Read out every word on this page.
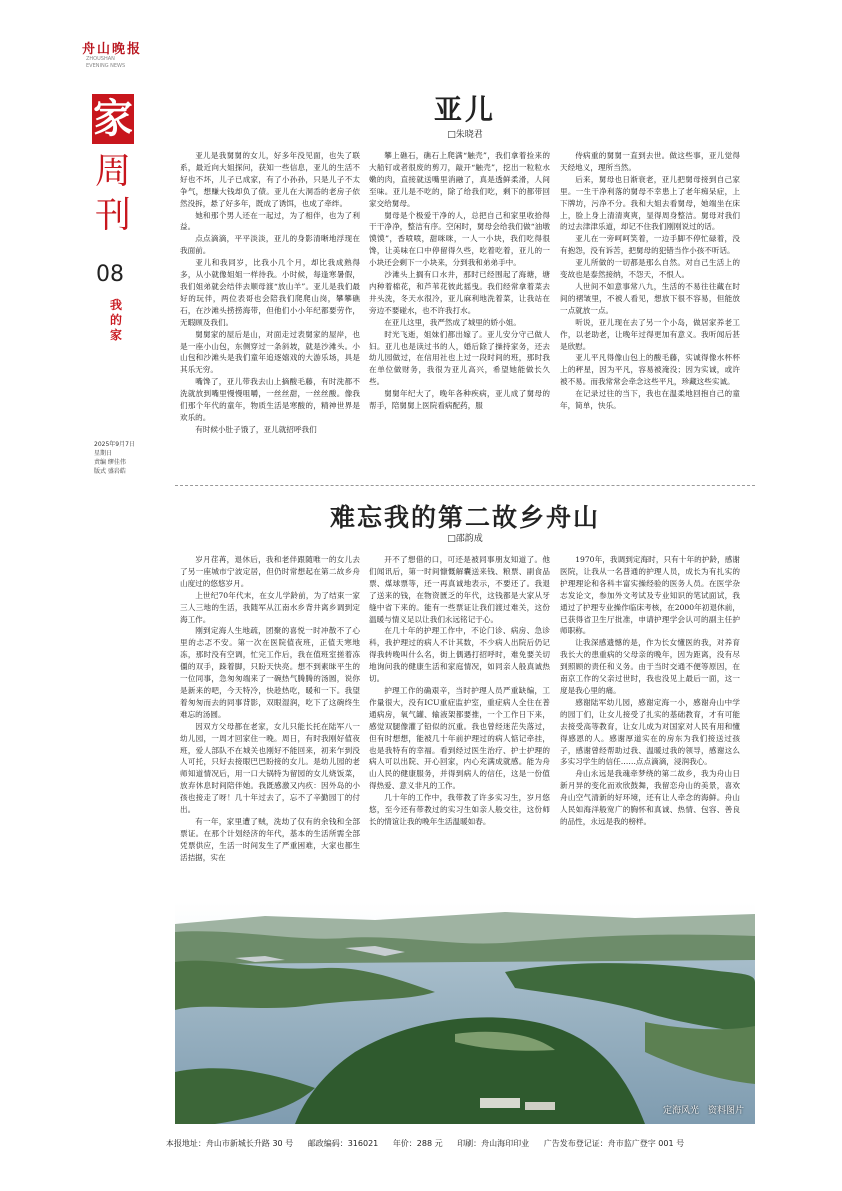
舟山晚报
ZHOUSHAN
EVENING NEWS
家
周
刊
08
我的家
2025年9月7日
星期日
责编 缪佳伟
版式 盛岩皓
亚儿
□朱晓君

亚儿是我舅舅的女儿，好多年没见面，也失了联系，最近向大姐探问，获知一些信息，亚儿的生活不好也不坏，儿子已成家，有了小孙孙，只是儿子不太争气，想赚大钱却负了债。亚儿在大洞岙的老房子依然没拆，悬了好多年，既成了诱饵，也成了牵绊。

她和那个男人还在一起过，为了相伴，也为了利益。

点点滴滴，平平淡淡，亚儿的身影清晰地浮现在我面前。

亚儿和我同岁，比我小几个月，却比我成熟得多，从小就像姐姐一样待我。小时候，每逢寒暑假，我们姐弟就会结伴去顺母渡“放山羊”。亚儿是我们最好的玩伴，两位表哥也会陪我们爬爬山岗，攀攀礁石，在沙滩头捞捞海带，但他们小小年纪都要劳作，无暇顾及我们。

舅舅家的屋后是山，对面走过表舅家的屋岸，也是一座小山包，东侧穿过一条斜坡，就是沙滩头。小山包和沙滩头是我们童年追逐嬉戏的大游乐场，具是其乐无穷。

嘴馋了，亚儿带我去山上摘酸毛藤，有时洗都不洗就放到嘴里慢慢咀嚼，一丝丝甜，一丝丝酸。像我们那个年代的童年，物质生活是寒酸的，精神世界是欢乐的。

有时候小肚子饿了，亚儿就招呼我们

攀上礁石，礁石上爬满“触壳”，我们拿着捡来的大船钉或者很废的剪刀，敲开“触壳”，挖出一粒粒水嫩的肉，直接就送嘴里消融了，真是透鲜柔滑，人间至味。亚儿是不吃的，除了给我们吃，剩下的都带回家交给舅母。

舅母是个极爱干净的人，总把自己和家里收拾得干干净净，整洁有序。空闲时，舅母会给我们做“油墩馍馍”，香喷喷，甜咪咪，一人一小块，我们吃得很馋，让美味在口中停留得久些，吃着吃着，亚儿的一小块还会剩下一小块来，分到我和弟弟手中。

沙滩头上搁有口水井，那时已经围起了海塘，塘内种着棉花，和芦苇花彼此摇曳。我们经常拿着菜去井头洗，冬天水很冷，亚儿麻利地洗着菜，让我站在旁边不要碰水，也不许我打水。

在亚儿这里，我严然成了城里的娇小姐。

时光飞逝，姐妹们都出嫁了。亚儿安分守己做人妇。亚儿也是读过书的人，婚后除了操持家务，还去幼儿园做过，在信用社也上过一段时间的班，那时我在单位做财务，我很为亚儿高兴，希望她能做长久些。

舅舅年纪大了，晚年各种疾病，亚儿成了舅母的帮手，陪舅舅上医院看病配药，服

侍病重的舅舅一直到去世。做这些事，亚儿觉得天经地义，理所当然。

后来，舅母也日渐衰老，亚儿把舅母接到自己家里。一生干净利落的舅母不幸患上了老年痴呆症，上下牌坊，污净不分。我和大姐去看舅母，她端坐在床上，脸上身上清清爽爽，显得周身整洁。舅母对我们的过去津津乐道，却记不住我们刚刚说过的话。

亚儿在一旁呵呵笑着，一边手脚不停忙碌着，没有抱怨，没有诉苦，把舅母的犯错当作小孩不听话。

亚儿所做的一切都是那么自然。对自己生活上的变故也是泰然接纳，不怨天，不恨人。

人世间不如意事常八九，生活的不易往往藏在时间的褶皱里，不被人看见，想放下很不容易，但能放一点就放一点。

听说，亚儿现在去了另一个小岛，做居家养老工作，以老助老，让晚年过得更加有意义。我听闻后甚是欣慰。

亚儿平凡得像山包上的酸毛藤，实诚得像水杯杯上的秤星，因为平凡，容易被淹没；因为实诚，或许被不易。而我常常会牵念这些平凡，珍藏这些实诚。

在记录过往的当下，我也在温柔地回抱自己的童年，简单，快乐。

难忘我的第二故乡舟山
□邵韵成

岁月荏苒，退休后，我和老伴跟随唯一的女儿去了另一座城市宁波定居，但仍时常想起在第二故乡舟山度过的悠悠岁月。

上世纪70年代末，在女儿学龄前，为了结束一家三人三地的生活，我随军从江南水乡背井离乡调到定海工作。

刚到定海人生地疏，团聚的喜悦一时冲散不了心里的忐忑不安。第一次在医院值夜班，正值天寒地冻，那时没有空调，忙完工作后，我在值班室搓着冻僵的双手，跺着脚，只盼天快亮。想不到素昧平生的一位同事，急匆匆端来了一碗热气腾腾的汤圆，说你是新来的吧，今天特冷，快趁热吃，暖和一下。我望着匆匆而去的同事背影，双眼湿润，吃下了这碗终生难忘的汤圆。

因双方父母都在老家，女儿只能长托在陆军八一幼儿园，一周才回家住一晚。周日，有时我刚好值夜班，爱人部队不在城关也刚好不能回来，初来乍到没人可托，只好去接眼巴巴盼接的女儿。是幼儿园的老师知道情况后，用一口大锅特为留园的女儿烧饭菜，放弃休息时间陪伴她。我既感激又内疚：因外岛的小孩也接走了呀！几十年过去了，忘不了辛勤园丁的付出。

有一年，家里遭了贼，洗劫了仅有的余钱和全部票证。在那个计划经济的年代，基本的生活所需全部凭票供应，生活一时间发生了严重困难，大家也都生活拮据，实在

开不了想借的口，可还是被同事朋友知道了。他们闻讯后，第一时间慷慨解囊送来钱、粮票、副食品票、煤球票等，还一再真诚地表示，不要还了。我退了送来的钱，在物资匮乏的年代，这钱都是大家从牙缝中省下来的。能有一些票证让我们渡过难关，这份温暖与情义足以让我们永远铭记于心。

在几十年的护理工作中，不论门诊、病房、急诊科，我护理过的病人不计其数，不少病人出院后仍记得我转晚叫什么名，街上偶遇打招呼时，难免要关切地询问我的健康生活和家庭情况，如同亲人般真诚热切。

护理工作的确艰辛，当时护理人员严重缺编，工作量很大，没有ICU重症监护室，重症病人全住在普通病房，氧气罐、输液架都要推，一个工作日下来，感觉双腿像灌了铅似的沉重。我也曾经迷茫失落过，但有时想想，能被几十年前护理过的病人惦记牵挂，也是我特有的幸福。看到经过医生治疗、护士护理的病人可以出院、开心回家，内心充满成就感。能为舟山人民的健康服务，并得到病人的信任，这是一份值得热爱、意义非凡的工作。

几十年的工作中，我带教了许多实习生，岁月悠悠，至今还有带教过的实习生如亲人般交往，这份师长的情谊让我的晚年生活温暖如春。

1970年，我调到定海时，只有十年的护龄，感谢医院，让我从一名普通的护理人员，成长为有扎实的护理理论和各科丰富实操经验的医务人员。在医学杂志发论文，参加外文考试及专业知识的笔试面试，我通过了护理专业操作临床考核，在2000年初退休前，已获得省卫生厅批准，申请护理学会认可的副主任护师职称。

让我深感遗憾的是，作为长女懂医的我，对养育我长大的患重病的父母亲的晚年，因为距离，没有尽到照顾的责任和义务。由于当时交通不便等原因，在南京工作的父亲过世时，我也没见上最后一面，这一度是我心里的痛。

感谢陆军幼儿园，感谢定海一小，感谢舟山中学的园丁们，让女儿接受了扎实的基础教育，才有可能去接受高等教育，让女儿成为对国家对人民有用和懂得感恩的人。感谢厚道实在的房东为我们接送过孩子，感谢曾经帮助过我、温暖过我的领导，感谢这么多实习学生的信任……点点滴滴，浸润我心。

舟山永远是我魂牵梦绕的第二故乡，我为舟山日新月异的变化而欢欣鼓舞，我留恋舟山的美景，喜欢舟山空气清新的好环境，还有让人牵念的海鲜。舟山人民如海洋般宽广的胸怀和真诚、热情、包容、善良的品性，永远是我的榜样。

定海风光　资料图片
本报地址：舟山市新城长升路 30 号 邮政编码：316021 年价：288 元 印刷：舟山海印印业 广告发布登记证：舟市监广登字 001 号
